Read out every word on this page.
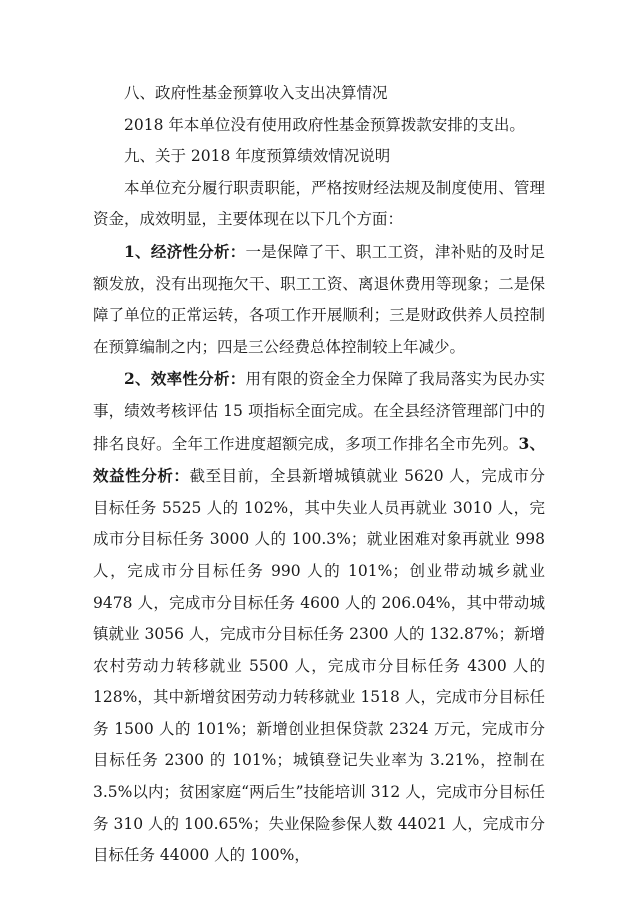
八、政府性基金预算收入支出决算情况

2018 年本单位没有使用政府性基金预算拨款安排的支出。

九、关于 2018 年度预算绩效情况说明

本单位充分履行职责职能，严格按财经法规及制度使用、管理资金，成效明显，主要体现在以下几个方面：

1、经济性分析：一是保障了干、职工工资，津补贴的及时足额发放，没有出现拖欠干、职工工资、离退休费用等现象；二是保障了单位的正常运转，各项工作开展顺利；三是财政供养人员控制在预算编制之内；四是三公经费总体控制较上年减少。

2、效率性分析：用有限的资金全力保障了我局落实为民办实事，绩效考核评估 15 项指标全面完成。在全县经济管理部门中的排名良好。全年工作进度超额完成，多项工作排名全市先列。3、效益性分析：截至目前，全县新增城镇就业 5620 人，完成市分目标任务 5525 人的 102%，其中失业人员再就业 3010 人，完成市分目标任务 3000 人的 100.3%；就业困难对象再就业 998 人，完成市分目标任务 990 人的 101%；创业带动城乡就业 9478 人，完成市分目标任务 4600 人的 206.04%，其中带动城镇就业 3056 人，完成市分目标任务 2300 人的 132.87%；新增农村劳动力转移就业 5500 人，完成市分目标任务 4300 人的 128%，其中新增贫困劳动力转移就业 1518 人，完成市分目标任务 1500 人的 101%；新增创业担保贷款 2324 万元，完成市分目标任务 2300 的 101%；城镇登记失业率为 3.21%，控制在 3.5%以内；贫困家庭“两后生”技能培训 312 人，完成市分目标任务 310 人的 100.65%；失业保险参保人数 44021 人，完成市分目标任务 44000 人的 100%，
